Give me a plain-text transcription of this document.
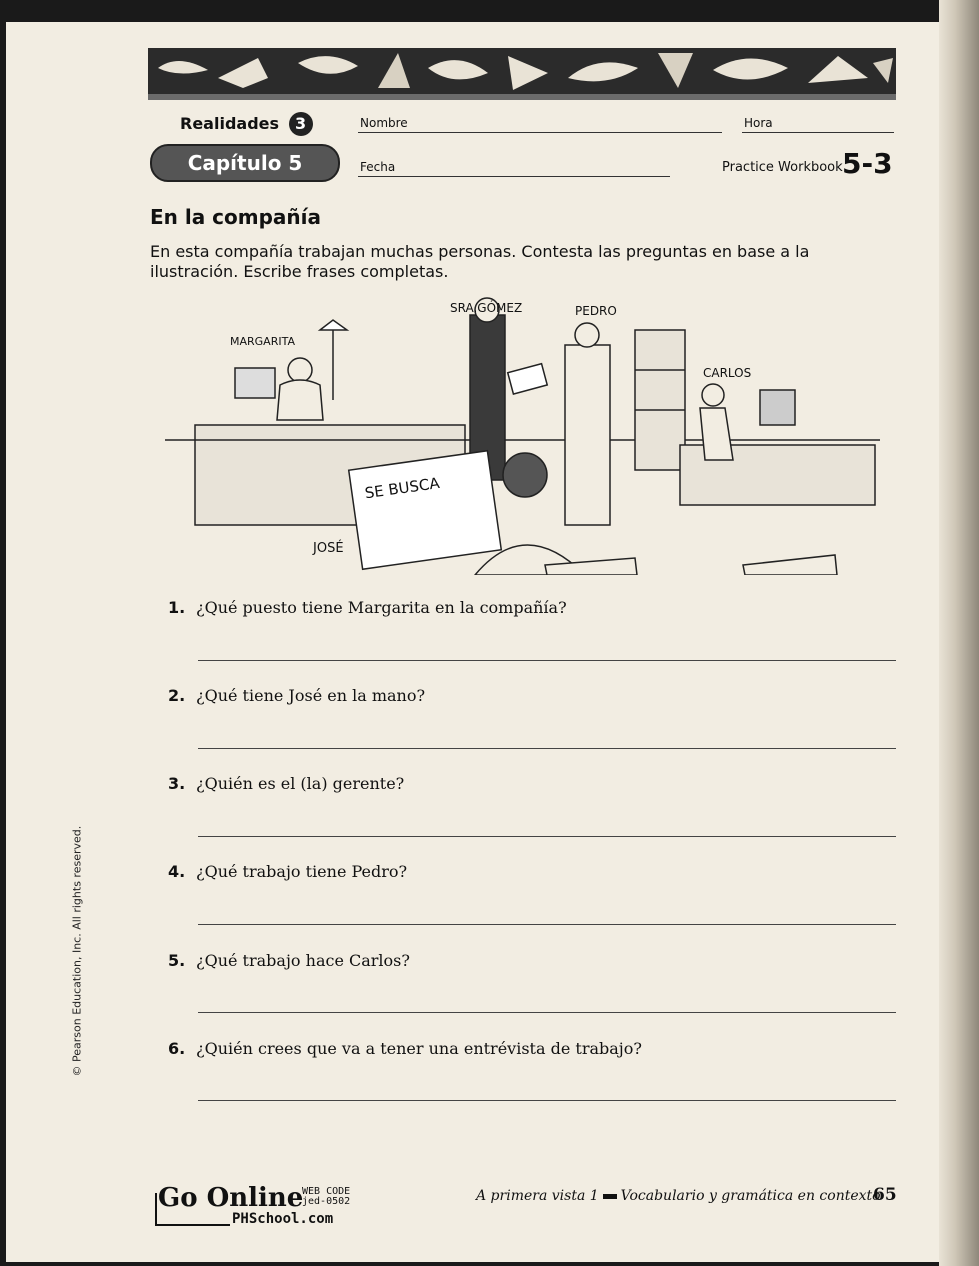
Realidades 3
Capítulo 5
Nombre	Hora
Fecha	Practice Workbook 5-3
En la compañía
En esta compañía trabajan muchas personas. Contesta las preguntas en base a la ilustración. Escribe frases completas.
SRA.GÓMEZ	PEDRO
MARGARITA
CARLOS
JOSÉ
SE BUSCA
1. ¿Qué puesto tiene Margarita en la compañía?
2. ¿Qué tiene José en la mano?
3. ¿Quién es el (la) gerente?
4. ¿Qué trabajo tiene Pedro?
5. ¿Qué trabajo hace Carlos?
6. ¿Quién crees que va a tener una entrévista de trabajo?
© Pearson Education, Inc. All rights reserved.
Go Online
WEB CODE
jed-0502
PHSchool.com
A primera vista 1 Vocabulario y gramática en contexto
65
